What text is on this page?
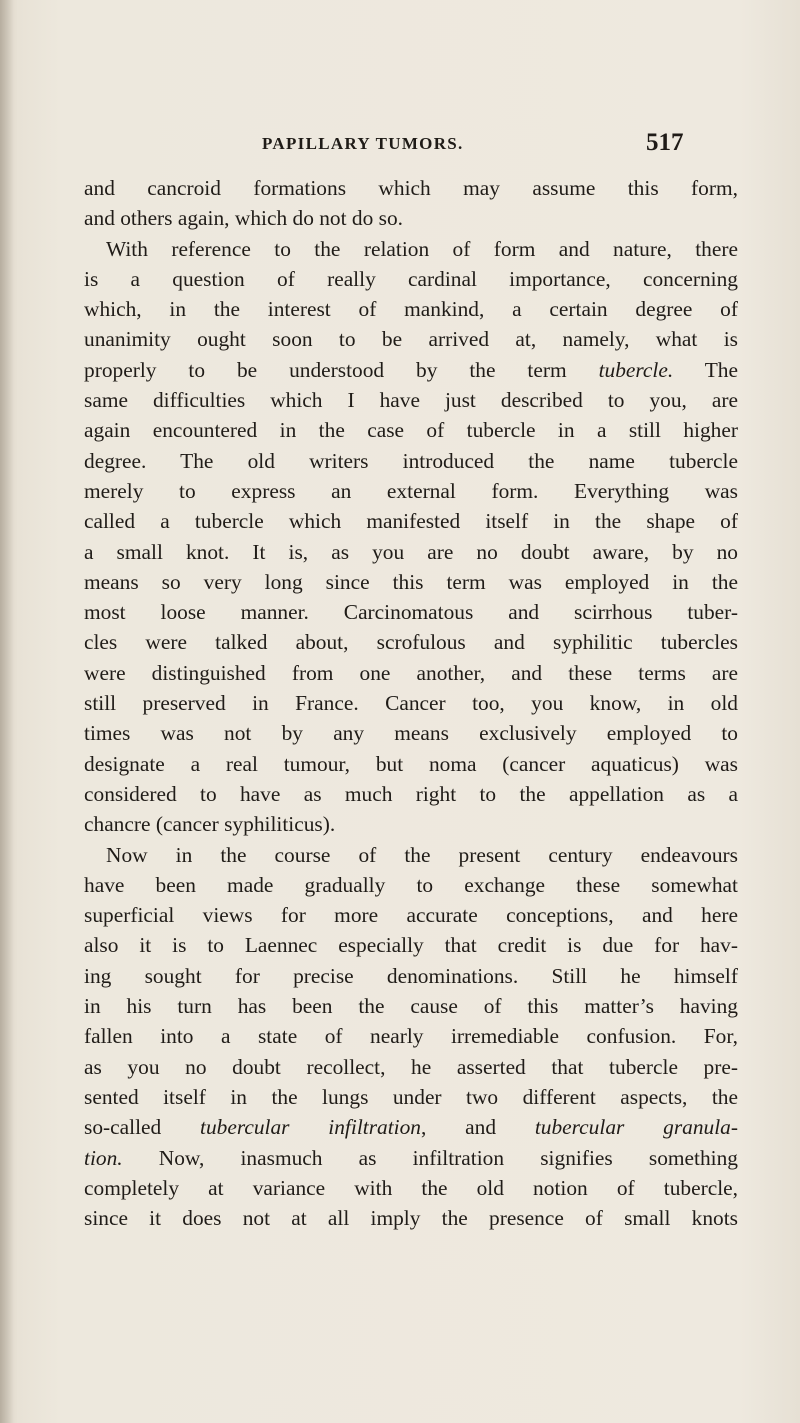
PAPILLARY TUMORS.	517
and cancroid formations which may assume this form,
and others again, which do not do so.
With reference to the relation of form and nature, there
is a question of really cardinal importance, concerning
which, in the interest of mankind, a certain degree of
unanimity ought soon to be arrived at, namely, what is
properly to be understood by the term tubercle. The
same difficulties which I have just described to you, are
again encountered in the case of tubercle in a still higher
degree. The old writers introduced the name tubercle
merely to express an external form. Everything was
called a tubercle which manifested itself in the shape of
a small knot. It is, as you are no doubt aware, by no
means so very long since this term was employed in the
most loose manner. Carcinomatous and scirrhous tuber-
cles were talked about, scrofulous and syphilitic tubercles
were distinguished from one another, and these terms are
still preserved in France. Cancer too, you know, in old
times was not by any means exclusively employed to
designate a real tumour, but noma (cancer aquaticus) was
considered to have as much right to the appellation as a
chancre (cancer syphiliticus).
Now in the course of the present century endeavours
have been made gradually to exchange these somewhat
superficial views for more accurate conceptions, and here
also it is to Laennec especially that credit is due for hav-
ing sought for precise denominations. Still he himself
in his turn has been the cause of this matter’s having
fallen into a state of nearly irremediable confusion. For,
as you no doubt recollect, he asserted that tubercle pre-
sented itself in the lungs under two different aspects, the
so-called tubercular infiltration, and tubercular granula-
tion. Now, inasmuch as infiltration signifies something
completely at variance with the old notion of tubercle,
since it does not at all imply the presence of small knots
